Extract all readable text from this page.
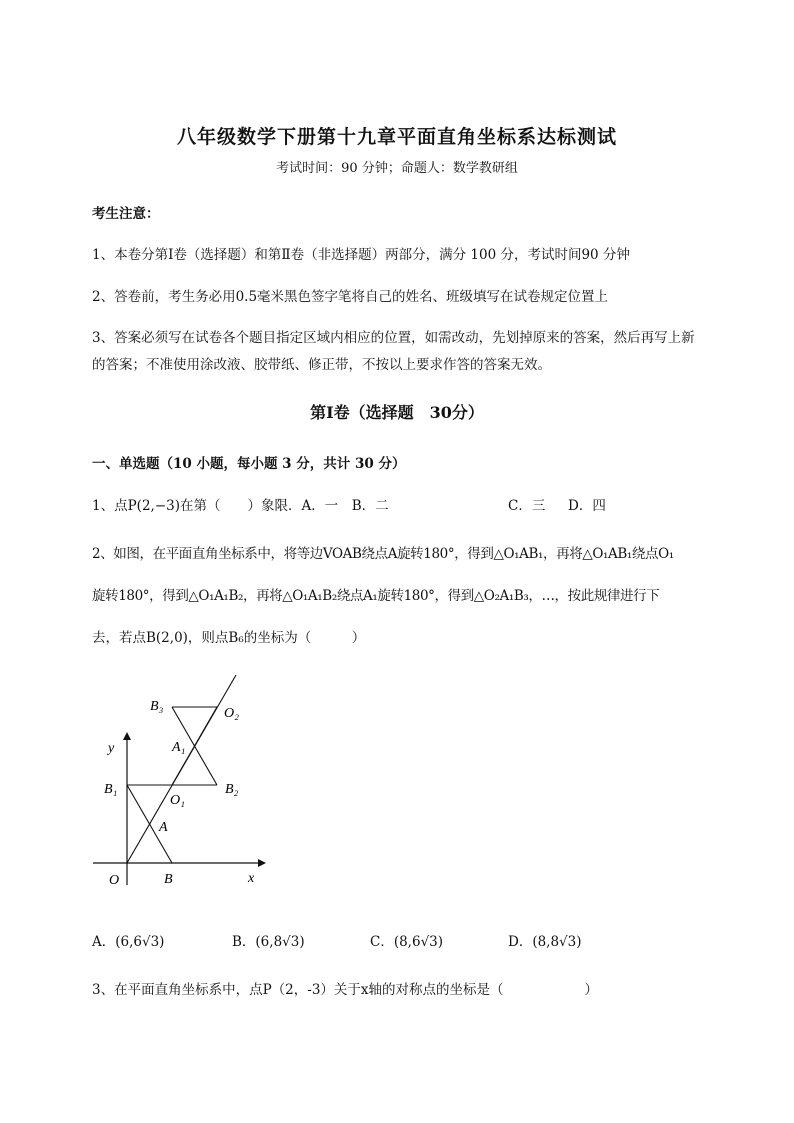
八年级数学下册第十九章平面直角坐标系达标测试
考试时间：90 分钟；命题人：数学教研组
考生注意：
1、本卷分第Ⅰ卷（选择题）和第Ⅱ卷（非选择题）两部分，满分 100 分，考试时间90 分钟
2、答卷前，考生务必用0.5毫米黑色签字笔将自己的姓名、班级填写在试卷规定位置上
3、答案必须写在试卷各个题目指定区域内相应的位置，如需改动，先划掉原来的答案，然后再写上新
的答案；不准使用涂改液、胶带纸、修正带，不按以上要求作答的答案无效。
第Ⅰ卷（选择题　30分）
一、单选题（10 小题，每小题 3 分，共计 30 分）
1、点P(2,−3)在第（　　）象限．A．一　B．二	C．三 D．四
2、如图，在平面直角坐标系中，将等边VOAB绕点A旋转180°，得到△O₁AB₁，再将△O₁AB₁绕点O₁
旋转180°，得到△O₁A₁B₂，再将△O₁A₁B₂绕点A₁旋转180°，得到△O₂A₁B₃，…，按此规律进行下
去，若点B(2,0)，则点B₆的坐标为（　　　）
B₃	O₂
A₁
y
B₁
O₁
B₂
A
O	B	x
A．(6,6√3)	B．(6,8√3)	C．(8,6√3)	D．(8,8√3)
3、在平面直角坐标系中，点P（2，-3）关于x轴的对称点的坐标是（　　　　　　）
